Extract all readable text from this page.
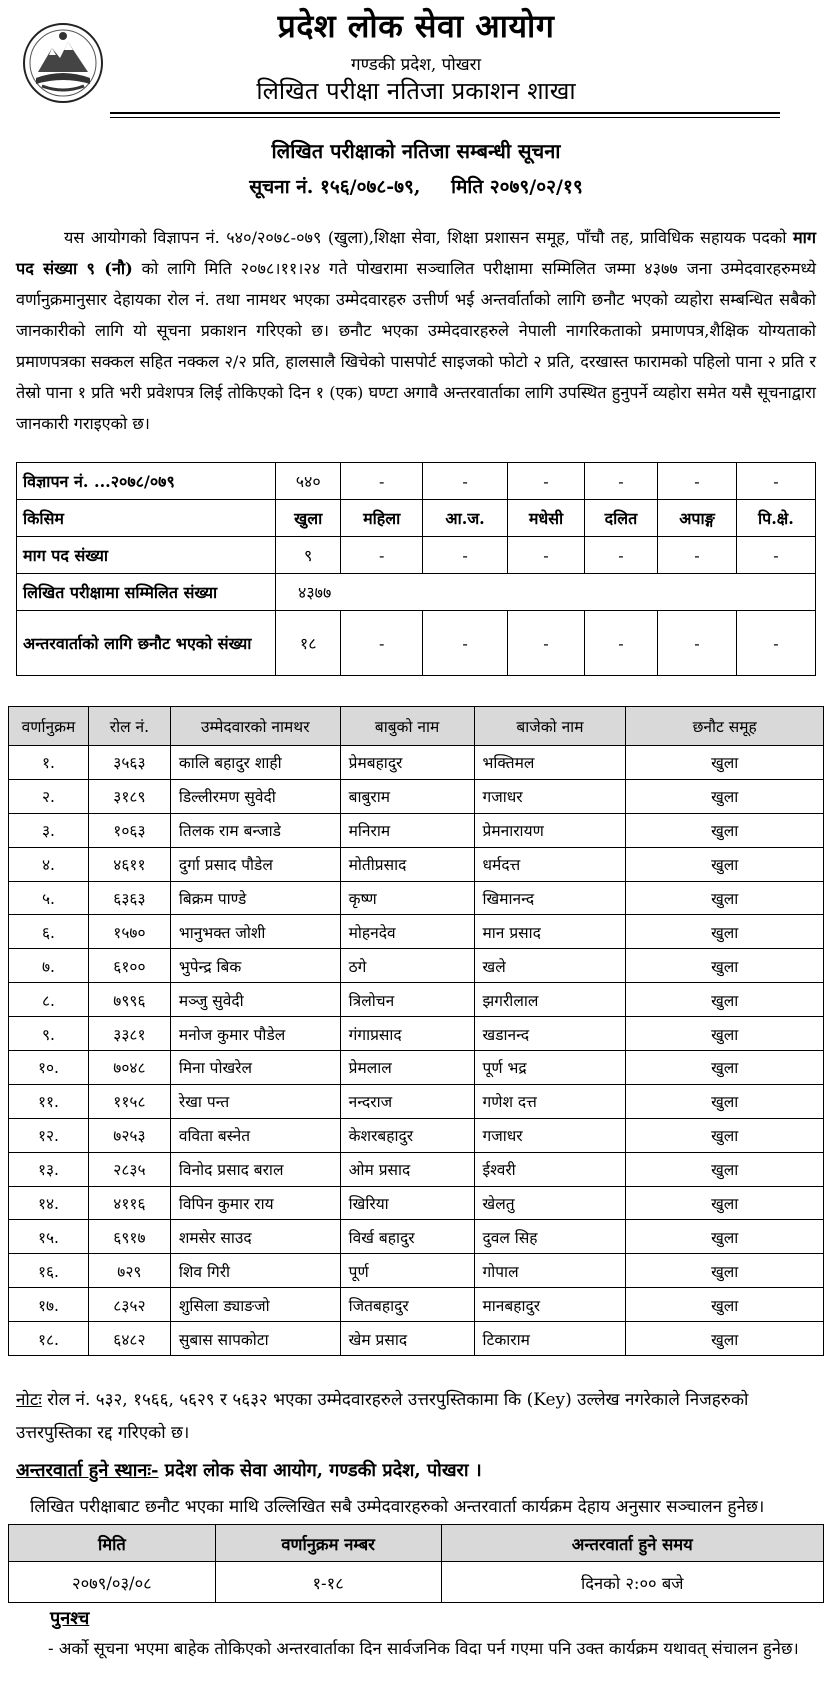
प्रदेश लोक सेवा आयोग
गण्डकी प्रदेश, पोखरा
लिखित परीक्षा नतिजा प्रकाशन शाखा
लिखित परीक्षाको नतिजा सम्बन्धी सूचना
सूचना नं. १५६/०७८-७९, मिति २०७९/०२/१९
यस आयोगको विज्ञापन नं. ५४०/२०७८-०७९ (खुला),शिक्षा सेवा, शिक्षा प्रशासन समूह, पाँचौ तह, प्राविधिक सहायक पदको माग पद संख्या ९ (नौ) को लागि मिति २०७८।११।२४ गते पोखरामा सञ्चालित परीक्षामा सम्मिलित जम्मा ४३७७ जना उम्मेदवारहरुमध्ये वर्णानुक्रमानुसार देहायका रोल नं. तथा नामथर भएका उम्मेदवारहरु उत्तीर्ण भई अन्तर्वार्ताको लागि छनौट भएको व्यहोरा सम्बन्धित सबैको जानकारीको लागि यो सूचना प्रकाशन गरिएको छ। छनौट भएका उम्मेदवारहरुले नेपाली नागरिकताको प्रमाणपत्र,शैक्षिक योग्यताको प्रमाणपत्रका सक्कल सहित नक्कल २/२ प्रति, हालसालै खिचेको पासपोर्ट साइजको फोटो २ प्रति, दरखास्त फारामको पहिलो पाना २ प्रति र तेस्रो पाना १ प्रति भरी प्रवेशपत्र लिई तोकिएको दिन १ (एक) घण्टा अगावै अन्तरवार्ताका लागि उपस्थित हुनुपर्ने व्यहोरा समेत यसै सूचनाद्वारा जानकारी गराइएको छ।
विज्ञापन नं. ...२०७८/०७९	५४०	-	-	-	-	-	-
किसिम	खुला	महिला	आ.ज.	मधेसी	दलित	अपाङ्ग	पि.क्षे.
माग पद संख्या	९	-	-	-	-	-	-
लिखित परीक्षामा सम्मिलित संख्या	४३७७						
अन्तरवार्ताको लागि छनौट भएको संख्या	१८	-	-	-	-	-	-
वर्णानुक्रम	रोल नं.	उम्मेदवारको नामथर	बाबुको नाम	बाजेको नाम	छनौट समूह
१.	३५६३	कालि बहादुर शाही	प्रेमबहादुर	भक्तिमल	खुला
२.	३१८९	डिल्लीरमण सुवेदी	बाबुराम	गजाधर	खुला
३.	१०६३	तिलक राम बन्जाडे	मनिराम	प्रेमनारायण	खुला
४.	४६११	दुर्गा प्रसाद पौडेल	मोतीप्रसाद	धर्मदत्त	खुला
५.	६३६३	बिक्रम पाण्डे	कृष्ण	खिमानन्द	खुला
६.	१५७०	भानुभक्त जोशी	मोहनदेव	मान प्रसाद	खुला
७.	६१००	भुपेन्द्र बिक	ठगे	खले	खुला
८.	७९९६	मञ्जु सुवेदी	त्रिलोचन	झगरीलाल	खुला
९.	३३८१	मनोज कुमार पौडेल	गंगाप्रसाद	खडानन्द	खुला
१०.	७०४८	मिना पोखरेल	प्रेमलाल	पूर्ण भद्र	खुला
११.	११५८	रेखा पन्त	नन्दराज	गणेश दत्त	खुला
१२.	७२५३	वविता बस्नेत	केशरबहादुर	गजाधर	खुला
१३.	२८३५	विनोद प्रसाद बराल	ओम प्रसाद	ईश्वरी	खुला
१४.	४११६	विपिन कुमार राय	खिरिया	खेलतु	खुला
१५.	६९१७	शमसेर साउद	विर्ख बहादुर	दुवल सिह	खुला
१६.	७२९	शिव गिरी	पूर्ण	गोपाल	खुला
१७.	८३५२	शुसिला ड्याङजो	जितबहादुर	मानबहादुर	खुला
१८.	६४८२	सुबास सापकोटा	खेम प्रसाद	टिकाराम	खुला
नोटः रोल नं. ५३२, १५६६, ५६२९ र ५६३२ भएका उम्मेदवारहरुले उत्तरपुस्तिकामा कि (Key) उल्लेख नगरेकाले निजहरुको उत्तरपुस्तिका रद्द गरिएको छ।
अन्तरवार्ता हुने स्थानः- प्रदेश लोक सेवा आयोग, गण्डकी प्रदेश, पोखरा ।
लिखित परीक्षाबाट छनौट भएका माथि उल्लिखित सबै उम्मेदवारहरुको अन्तरवार्ता कार्यक्रम देहाय अनुसार सञ्चालन हुनेछ।
मिति	वर्णानुक्रम नम्बर	अन्तरवार्ता हुने समय
२०७९/०३/०८	१-१८	दिनको २:०० बजे
पुनश्च
- अर्को सूचना भएमा बाहेक तोकिएको अन्तरवार्ताका दिन सार्वजनिक विदा पर्न गएमा पनि उक्त कार्यक्रम यथावत् संचालन हुनेछ।
